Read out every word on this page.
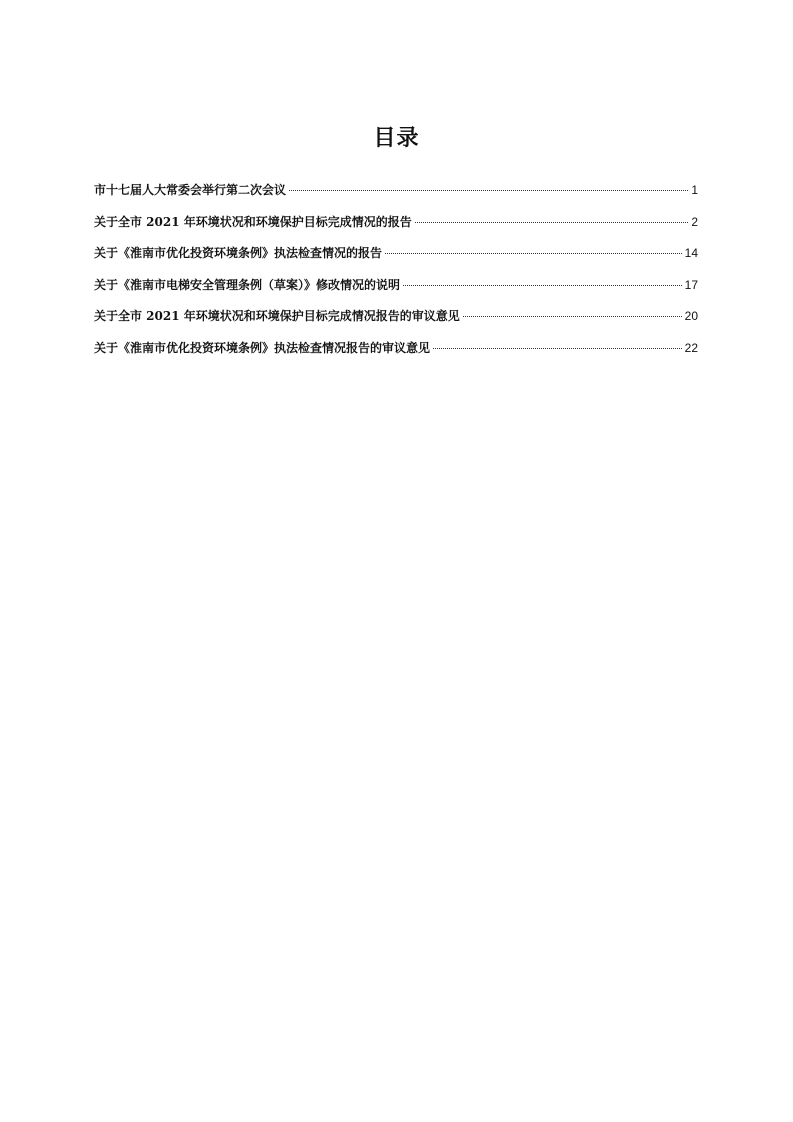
目录
市十七届人大常委会举行第二次会议	1
关于全市 2021 年环境状况和环境保护目标完成情况的报告	2
关于《淮南市优化投资环境条例》执法检查情况的报告	14
关于《淮南市电梯安全管理条例（草案）》修改情况的说明	17
关于全市 2021 年环境状况和环境保护目标完成情况报告的审议意见	20
关于《淮南市优化投资环境条例》执法检查情况报告的审议意见	22
